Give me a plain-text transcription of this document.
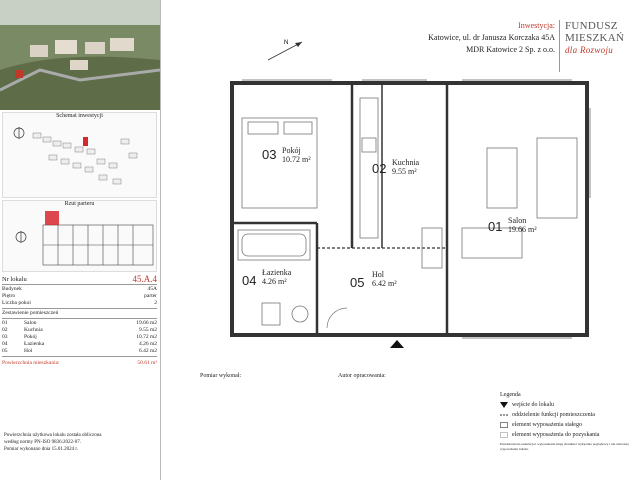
Schemat inwestycji
Rzut parteru
Nr lokalu	45.A.4
Budynek	45A
Piętro	parter
Liczba pokoi	2
Zestawienie pomieszczeń
01	Salon	19.66 m2
02	Kuchnia	9.55 m2
03	Pokój	10.72 m2
04	Łazienka	4.26 m2
05	Hol	6.42 m2
Powierzchnia mieszkania:	50.61 m²
Powierzchnia użytkowa lokalu została obliczona
według normy PN-ISO 9836:2022-07.
Pomiar wykonano dnia 15.01.2024 r.
Inwestycja:
Katowice, ul. dr Janusza Korczaka 45A
MDR Katowice 2 Sp. z o.o.
FUNDUSZ
MIESZKAŃ
dla Rozwoju
N
03 Pokój
10.72 m²
02 Kuchnia
9.55 m²
01 Salon
19.66 m²
04
Łazienka
4.26 m²	05
Hol
6.42 m²
Pomiar wykonał:	Autor opracowania:
Legenda
wejście do lokalu
oddzielenie funkcji pomieszczenia
element wyposażenia stałego
element wyposażenia do pozyskania
Przedstawiona aranżacja i wyposażenie mają charakter wyłącznie poglądowy i nie stanowią wyposażenia lokalu.
